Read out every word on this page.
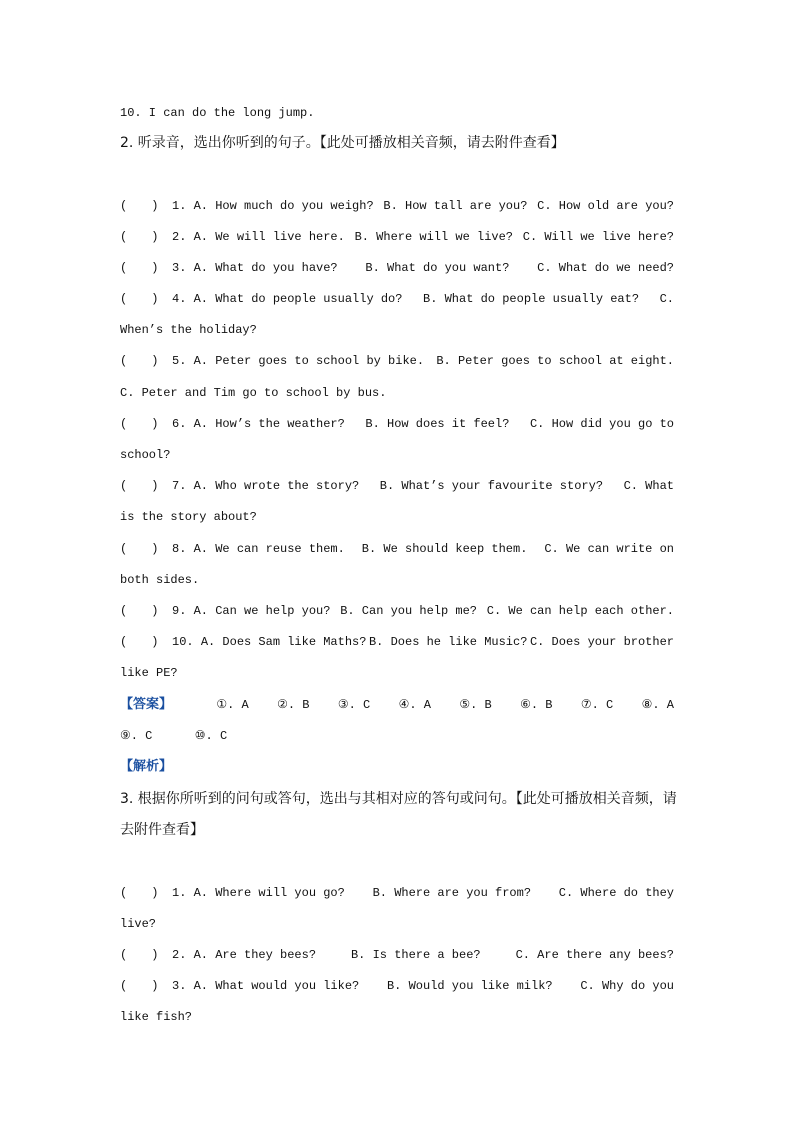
10. I can do the long jump.
2. 听录音，选出你听到的句子。【此处可播放相关音频，请去附件查看】
(　　) 1. A. How much do you weigh? B. How tall are you? C. How old are you?
(　　) 2. A. We will live here. B. Where will we live? C. Will we live here?
(　　) 3. A. What do you have? B. What do you want? C. What do we need?
(　　) 4. A. What do people usually do? B. What do people usually eat? C.
When’s the holiday?
(　　) 5. A. Peter goes to school by bike. B. Peter goes to school at eight.
C. Peter and Tim go to school by bus.
(　　) 6. A. How’s the weather? B. How does it feel? C. How did you go to
school?
(　　) 7. A. Who wrote the story? B. What’s your favourite story? C. What
is the story about?
(　　) 8. A. We can reuse them. B. We should keep them. C. We can write on
both sides.
(　　) 9. A. Can we help you? B. Can you help me? C. We can help each other.
(　　) 10. A. Does Sam like Maths? B. Does he like Music? C. Does your brother
like PE?
【答案】	①. A ②. B ③. C ④. A ⑤. B ⑥. B ⑦. C ⑧. A
⑨. C	⑩. C
【解析】
3. 根据你所听到的问句或答句，选出与其相对应的答句或问句。【此处可播放相关音频，请
去附件查看】
(　　) 1. A. Where will you go? B. Where are you from? C. Where do they
live?
(　　) 2. A. Are they bees?	B. Is there a bee?	C. Are there any bees?
(　　) 3. A. What would you like? B. Would you like milk? C. Why do you
like fish?
